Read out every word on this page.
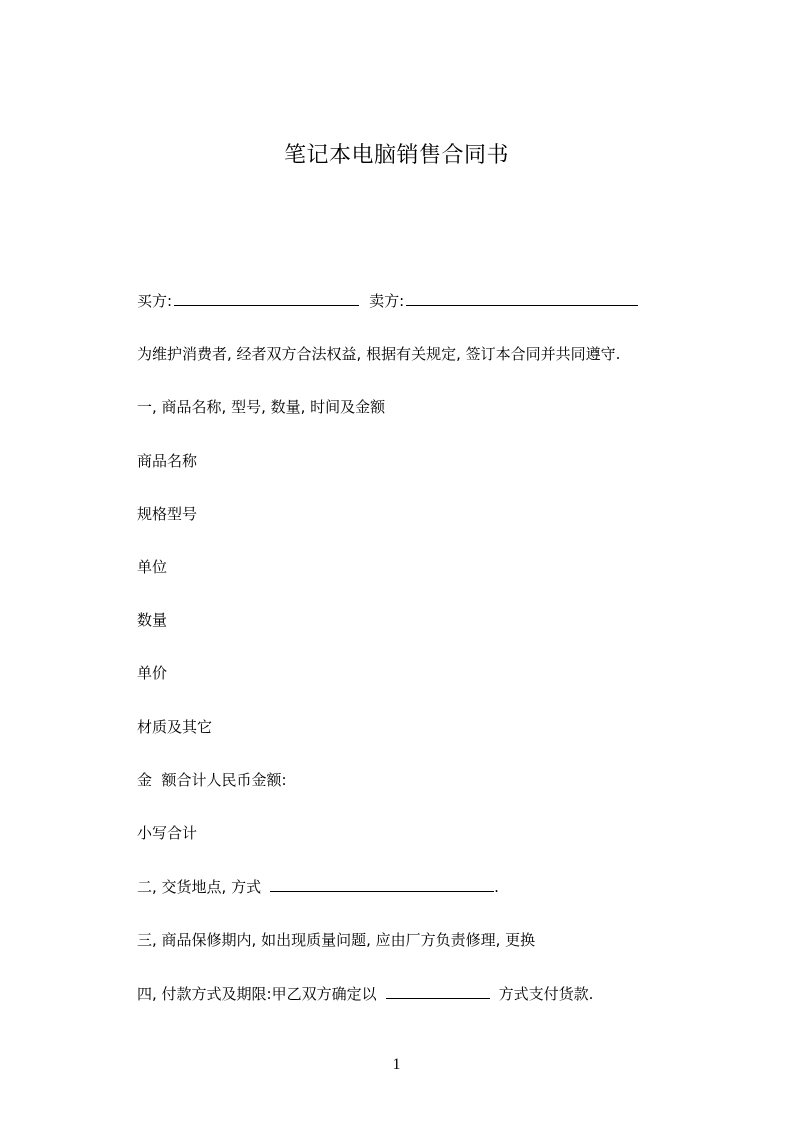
笔记本电脑销售合同书
买方:	卖方:
为维护消费者, 经者双方合法权益, 根据有关规定, 签订本合同并共同遵守.
一, 商品名称, 型号, 数量, 时间及金额
商品名称
规格型号
单位
数量
单价
材质及其它
金  额合计人民币金额:
小写合计
二, 交货地点, 方式	.
三, 商品保修期内, 如出现质量问题, 应由厂方负责修理, 更换
四, 付款方式及期限:甲乙双方确定以	方式支付货款.
1
